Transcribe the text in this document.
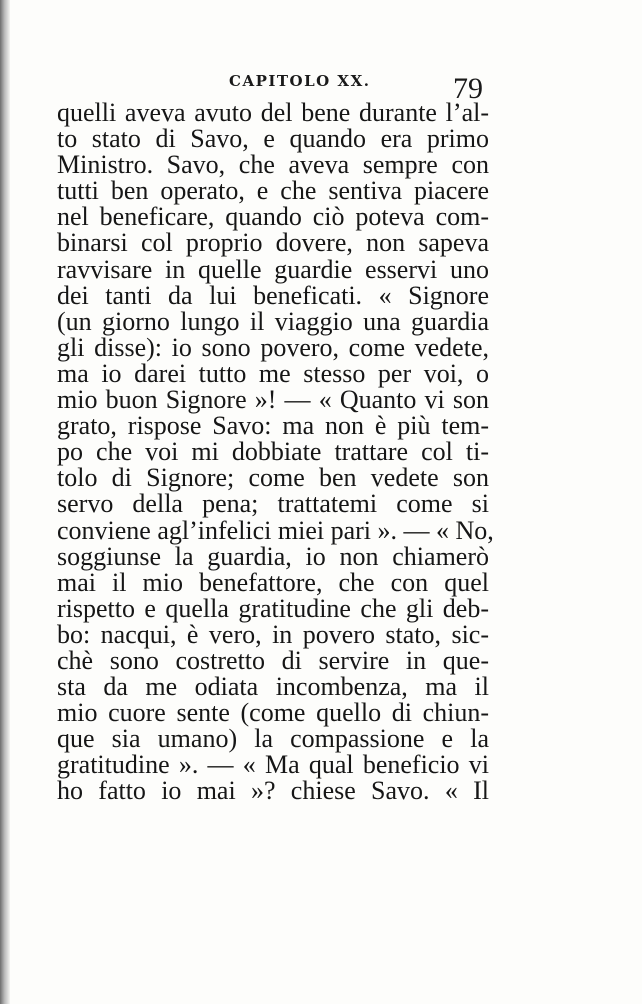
CAPITOLO XX.	79
quelli aveva avuto del bene durante l’al-
to stato di Savo, e quando era primo
Ministro. Savo, che aveva sempre con
tutti ben operato, e che sentiva piacere
nel beneficare, quando ciò poteva com-
binarsi col proprio dovere, non sapeva
ravvisare in quelle guardie esservi uno
dei tanti da lui beneficati. « Signore
(un giorno lungo il viaggio una guardia
gli disse): io sono povero, come vedete,
ma io darei tutto me stesso per voi, o
mio buon Signore »! — « Quanto vi son
grato, rispose Savo: ma non è più tem-
po che voi mi dobbiate trattare col ti-
tolo di Signore; come ben vedete son
servo della pena; trattatemi come si
conviene agl’infelici miei pari ». — « No,
soggiunse la guardia, io non chiamerò
mai il mio benefattore, che con quel
rispetto e quella gratitudine che gli deb-
bo: nacqui, è vero, in povero stato, sic-
chè sono costretto di servire in que-
sta da me odiata incombenza, ma il
mio cuore sente (come quello di chiun-
que sia umano) la compassione e la
gratitudine ». — « Ma qual beneficio vi
ho fatto io mai »? chiese Savo. « Il
